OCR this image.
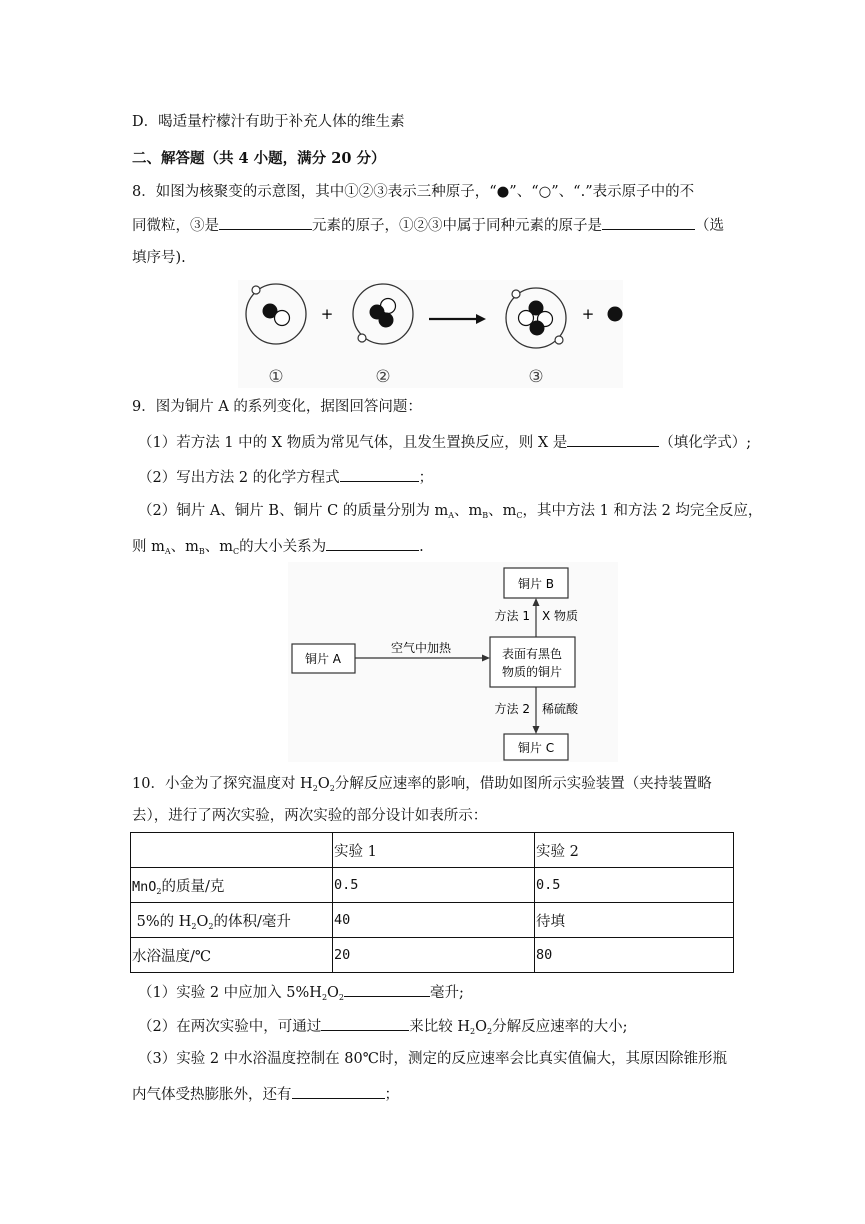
D．喝适量柠檬汁有助于补充人体的维生素
二、解答题（共 4 小题，满分 20 分）
8．如图为核聚变的示意图，其中①②③表示三种原子，“●”、“○”、“.”表示原子中的不
同微粒，③是	元素的原子，①②③中属于同种元素的原子是	（选
填序号).
+	+
①	②	③
9．图为铜片 A 的系列变化，据图回答问题：
（1）若方法 1 中的 X 物质为常见气体，且发生置换反应，则 X 是	（填化学式）;
（2）写出方法 2 的化学方程式	；
（2）铜片 A、铜片 B、铜片 C 的质量分别为 $m_A$、$m_B$、$m_C$，其中方法 1 和方法 2 均完全反应，
则 $m_A$、$m_B$、$m_C$的大小关系为	.
铜片 A
空气中加热	表面有黑色
物质的铜片
铜片 B
方法 1 X 物质
方法 2 稀硫酸
铜片 C
10．小金为了探究温度对 $H_2O_2$分解反应速率的影响，借助如图所示实验装置（夹持装置略
去），进行了两次实验，两次实验的部分设计如表所示：
	实验 1	实验 2
MnO$_2$的质量/克	0.5	0.5
5%的 $H_2O_2$的体积/毫升	40	待填
水浴温度/℃	20	80
（1）实验 2 中应加入 $5\%H_2O_2$	毫升;
（2）在两次实验中，可通过	来比较 $H_2O_2$分解反应速率的大小;
（3）实验 2 中水浴温度控制在 80℃时，测定的反应速率会比真实值偏大，其原因除锥形瓶
内气体受热膨胀外，还有	；
